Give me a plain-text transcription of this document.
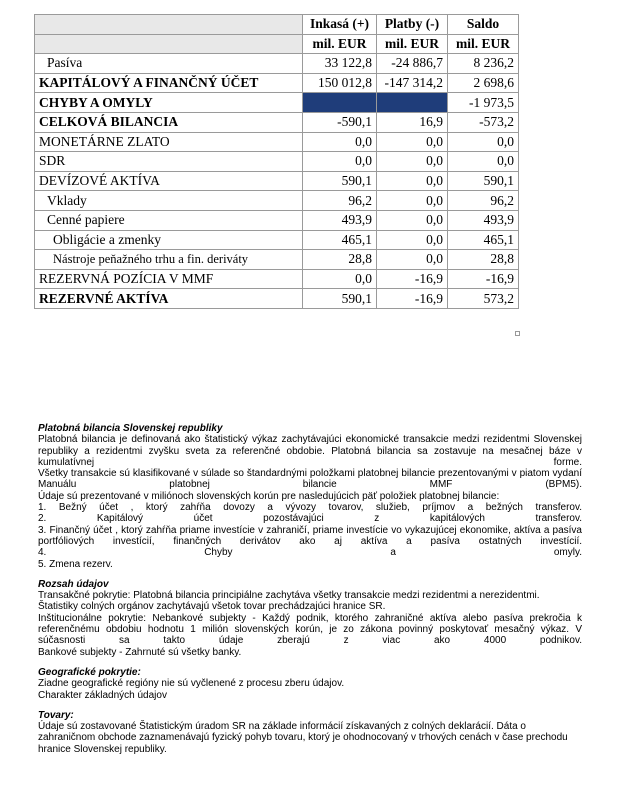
	Inkasá (+)	Platby (-)	Saldo
	mil. EUR	mil. EUR	mil. EUR
Pasíva	33 122,8	-24 886,7	8 236,2
KAPITÁLOVÝ A FINANČNÝ ÚČET	150 012,8	-147 314,2	2 698,6
CHYBY A OMYLY			-1 973,5
CELKOVÁ BILANCIA	-590,1	16,9	-573,2
MONETÁRNE ZLATO	0,0	0,0	0,0
SDR	0,0	0,0	0,0
DEVÍZOVÉ AKTÍVA	590,1	0,0	590,1
Vklady	96,2	0,0	96,2
Cenné papiere	493,9	0,0	493,9
Obligácie a zmenky	465,1	0,0	465,1
Nástroje peňažného trhu a fin. deriváty	28,8	0,0	28,8
REZERVNÁ POZÍCIA V MMF	0,0	-16,9	-16,9
REZERVNÉ AKTÍVA	590,1	-16,9	573,2
Platobná bilancia Slovenskej republiky
Platobná bilancia je definovaná ako štatistický výkaz zachytávajúci ekonomické transakcie medzi rezidentmi Slovenskej republiky a rezidentmi zvyšku sveta za referenčné obdobie. Platobná bilancia sa zostavuje na mesačnej báze v kumulatívnej forme.
Všetky transakcie sú klasifikované v súlade so štandardnými položkami platobnej bilancie prezentovanými v piatom vydaní Manuálu platobnej bilancie MMF (BPM5).
Údaje sú prezentované v miliónoch slovenských korún pre nasledujúcich päť položiek platobnej bilancie:
1. Bežný účet , ktorý zahŕňa dovozy a vývozy tovarov, služieb, príjmov a bežných transferov.
2. Kapitálový účet pozostávajúci z kapitálových transferov.
3. Finančný účet , ktorý zahŕňa priame investície v zahraničí, priame investície vo vykazujúcej ekonomike, aktíva a pasíva portfóliových investícií, finančných derivátov ako aj aktíva a pasíva ostatných investícií.
4. Chyby a omyly.
5. Zmena rezerv.
Rozsah údajov
Transakčné pokrytie: Platobná bilancia principiálne zachytáva všetky transakcie medzi rezidentmi a nerezidentmi. Štatistiky colných orgánov zachytávajú všetok tovar prechádzajúci hranice SR.
Inštitucionálne pokrytie: Nebankové subjekty - Každý podnik, ktorého zahraničné aktíva alebo pasíva prekročia k referenčnému obdobiu hodnotu 1 milión slovenských korún, je zo zákona povinný poskytovať mesačný výkaz. V súčasnosti sa takto údaje zberajú z viac ako 4000 podnikov.
Bankové subjekty - Zahrnuté sú všetky banky.
Geografické pokrytie:
Ziadne geografické regióny nie sú vyčlenené z procesu zberu údajov.
Charakter základných údajov
Tovary:
Údaje sú zostavované Štatistickým úradom SR na základe informácií získavaných z colných deklarácií. Dáta o zahraničnom obchode zaznamenávajú fyzický pohyb tovaru, ktorý je ohodnocovaný v trhových cenách v čase prechodu hranice Slovenskej republiky.
